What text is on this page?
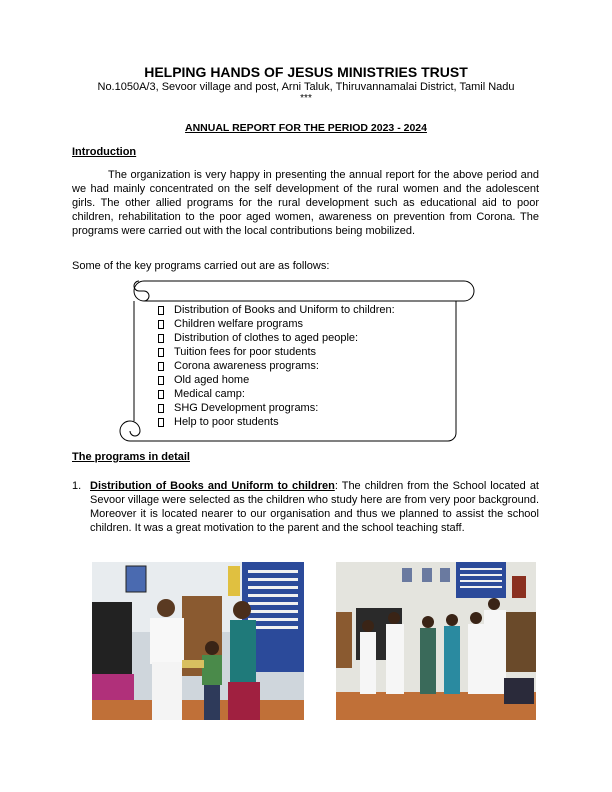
HELPING HANDS OF JESUS MINISTRIES TRUST
No.1050A/3, Sevoor village and post, Arni Taluk, Thiruvannamalai District, Tamil Nadu
***
ANNUAL REPORT FOR THE PERIOD 2023 - 2024
Introduction

The organization is very happy in presenting the annual report for the above period and we had mainly concentrated on the self development of the rural women and the adolescent girls. The other allied programs for the rural development such as educational aid to poor children, rehabilitation to the poor aged women, awareness on prevention from Corona. The programs were carried out with the local contributions being mobilized.

Some of the key programs carried out are as follows:
Distribution of Books and Uniform to children:
Children welfare programs
Distribution of clothes to aged people:
Tuition fees for poor students
Corona awareness programs:
Old aged home
Medical camp:
SHG Development programs:
Help to poor students
The programs in detail

1. Distribution of Books and Uniform to children: The children from the School located at Sevoor village were selected as the children who study here are from very poor background. Moreover it is located nearer to our organisation and thus we planned to assist the school children. It was a great motivation to the parent and the school teaching staff.
